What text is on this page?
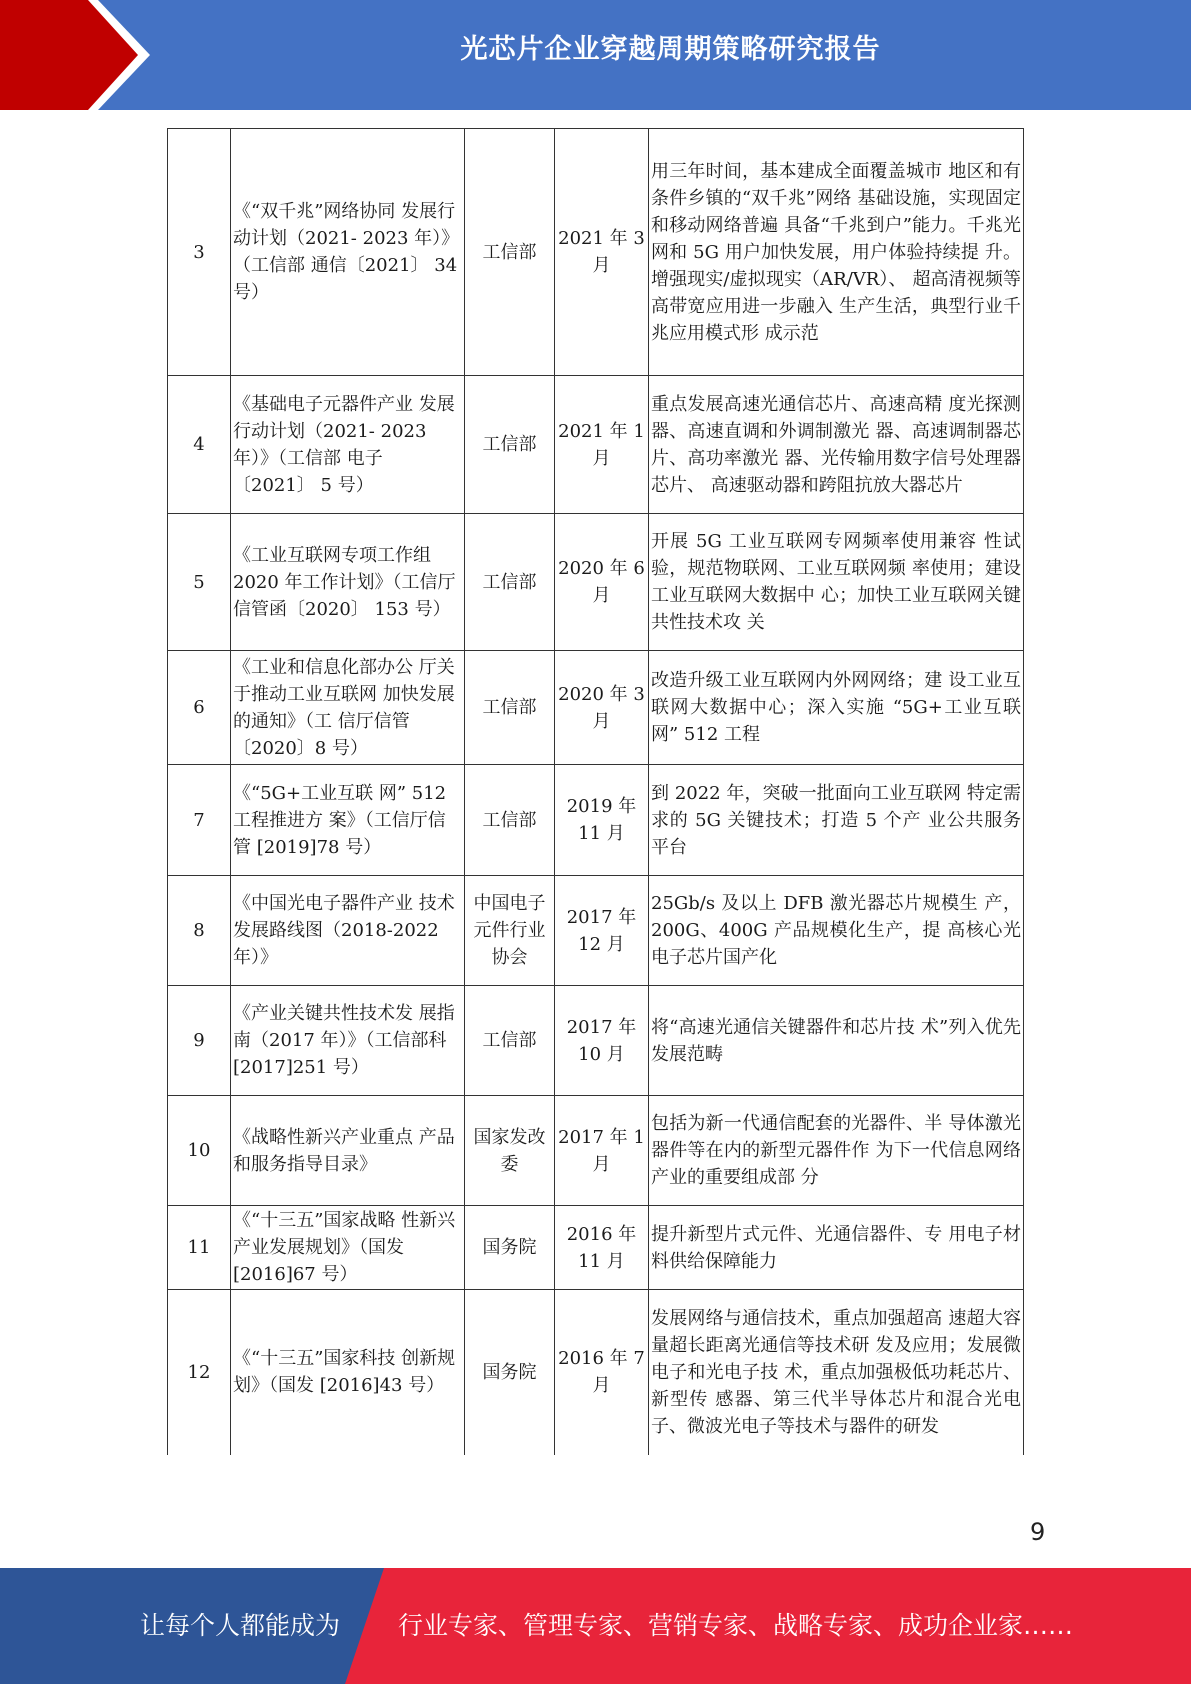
光芯片企业穿越周期策略研究报告
3	《“双千兆”网络协同 发展行动计划（2021- 2023 年）》（工信部 通信〔2021〕 34 号）	工信部	2021 年 3 月	用三年时间，基本建成全面覆盖城市 地区和有条件乡镇的“双千兆”网络 基础设施，实现固定和移动网络普遍 具备“千兆到户”能力。千兆光网和 5G 用户加快发展，用户体验持续提 升。增强现实/虚拟现实（AR/VR）、 超高清视频等高带宽应用进一步融入 生产生活，典型行业千兆应用模式形 成示范
4	《基础电子元器件产业 发展行动计划（2021- 2023 年）》（工信部 电子〔2021〕 5 号）	工信部	2021 年 1 月	重点发展高速光通信芯片、高速高精 度光探测器、高速直调和外调制激光 器、高速调制器芯片、高功率激光 器、光传输用数字信号处理器芯片、 高速驱动器和跨阻抗放大器芯片
5	《工业互联网专项工作组 2020 年工作计划》（工信厅信管函〔2020〕 153 号）	工信部	2020 年 6 月	开展 5G 工业互联网专网频率使用兼容 性试验，规范物联网、工业互联网频 率使用；建设工业互联网大数据中 心；加快工业互联网关键共性技术攻 关
6	《工业和信息化部办公 厅关于推动工业互联网 加快发展的通知》（工 信厅信管〔2020〕8 号）	工信部	2020 年 3 月	改造升级工业互联网内外网网络；建 设工业互联网大数据中心；深入实施 “5G+工业互联网” 512 工程
7	《“5G+工业互联 网” 512 工程推进方 案》（工信厅信管 [2019]78 号）	工信部	2019 年 11 月	到 2022 年，突破一批面向工业互联网 特定需求的 5G 关键技术；打造 5 个产 业公共服务平台
8	《中国光电子器件产业 技术发展路线图（2018-2022 年）》	中国电子元件行业协会	2017 年 12 月	25Gb/s 及以上 DFB 激光器芯片规模生 产，200G、400G 产品规模化生产，提 高核心光电子芯片国产化
9	《产业关键共性技术发 展指南（2017 年）》（工信部科[2017]251 号）	工信部	2017 年 10 月	将“高速光通信关键器件和芯片技 术”列入优先发展范畴
10	《战略性新兴产业重点 产品和服务指导目录》	国家发改委	2017 年 1 月	包括为新一代通信配套的光器件、半 导体激光器件等在内的新型元器件作 为下一代信息网络产业的重要组成部 分
11	《“十三五”国家战略 性新兴产业发展规划》（国发[2016]67 号）	国务院	2016 年 11 月	提升新型片式元件、光通信器件、专 用电子材料供给保障能力
12	《“十三五”国家科技 创新规划》（国发 [2016]43 号）	国务院	2016 年 7 月	发展网络与通信技术，重点加强超高 速超大容量超长距离光通信等技术研 发及应用；发展微电子和光电子技 术，重点加强极低功耗芯片、新型传 感器、第三代半导体芯片和混合光电 子、微波光电子等技术与器件的研发
9
让每个人都能成为 行业专家、管理专家、营销专家、战略专家、成功企业家……
